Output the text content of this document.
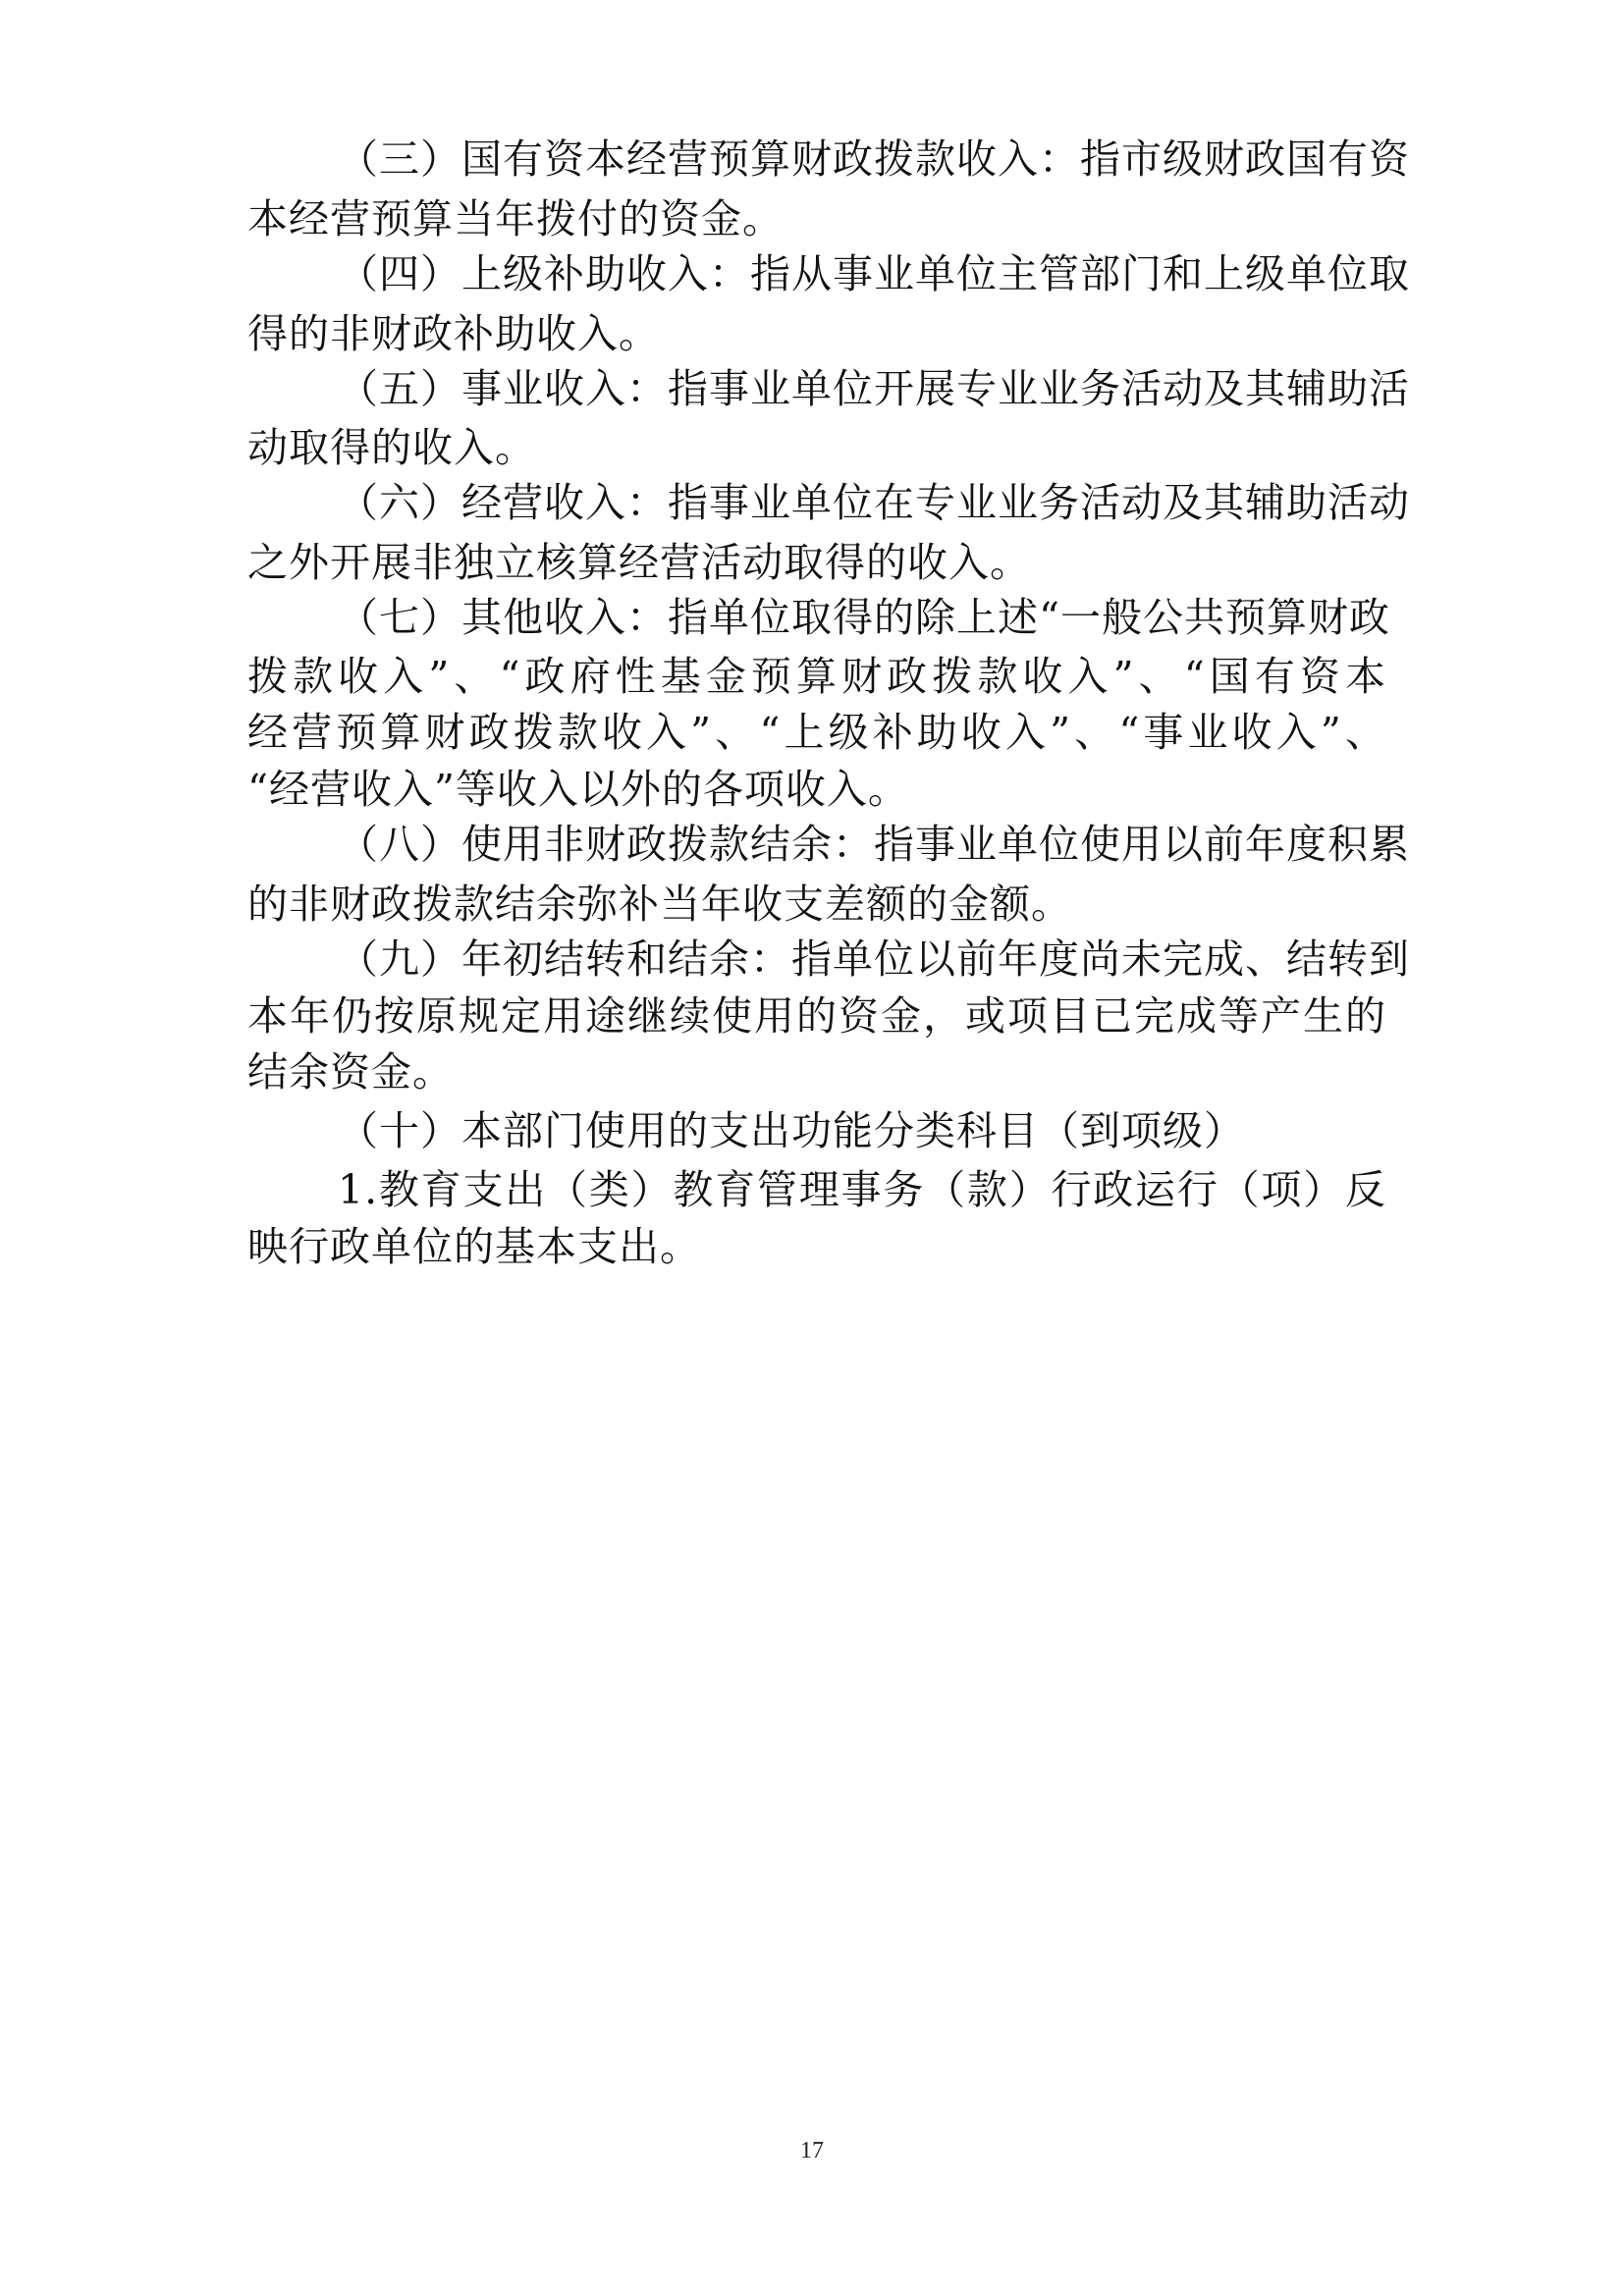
（三）国有资本经营预算财政拨款收入：指市级财政国有资
本经营预算当年拨付的资金。
（四）上级补助收入：指从事业单位主管部门和上级单位取
得的非财政补助收入。
（五）事业收入：指事业单位开展专业业务活动及其辅助活
动取得的收入。
（六）经营收入：指事业单位在专业业务活动及其辅助活动
之外开展非独立核算经营活动取得的收入。
（七）其他收入：指单位取得的除上述“一般公共预算财政
拨款收入”、“政府性基金预算财政拨款收入”、“国有资本
经营预算财政拨款收入”、“上级补助收入”、“事业收入”、
“经营收入”等收入以外的各项收入。
（八）使用非财政拨款结余：指事业单位使用以前年度积累
的非财政拨款结余弥补当年收支差额的金额。
（九）年初结转和结余：指单位以前年度尚未完成、结转到
本年仍按原规定用途继续使用的资金，或项目已完成等产生的
结余资金。
（十）本部门使用的支出功能分类科目（到项级）
1.教育支出（类）教育管理事务（款）行政运行（项）反
映行政单位的基本支出。
17
